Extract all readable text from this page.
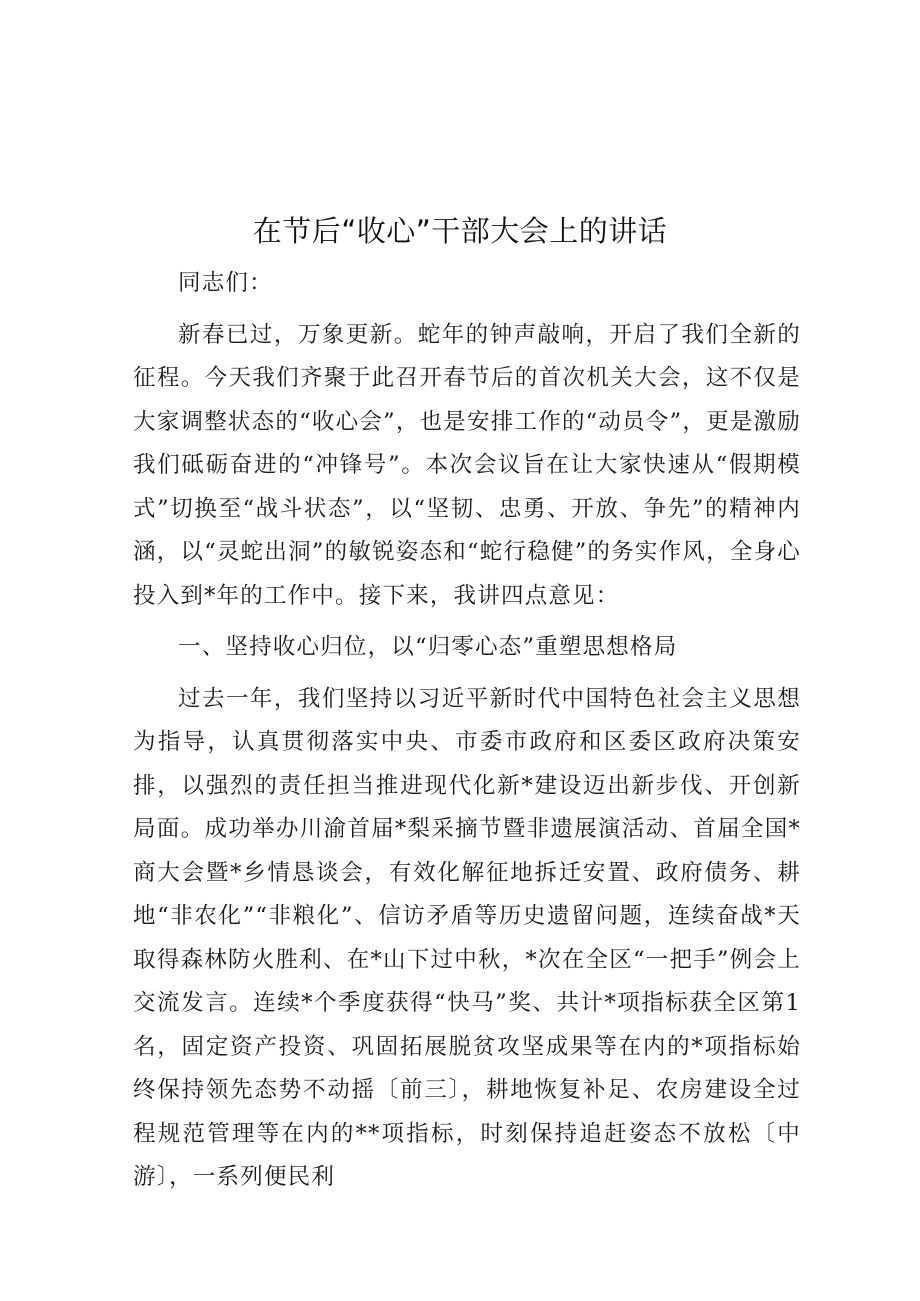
在节后“收心”干部大会上的讲话

同志们：

新春已过，万象更新。蛇年的钟声敲响，开启了我们全新的征程。今天我们齐聚于此召开春节后的首次机关大会，这不仅是大家调整状态的“收心会”，也是安排工作的“动员令”，更是激励我们砥砺奋进的“冲锋号”。本次会议旨在让大家快速从“假期模式”切换至“战斗状态”，以“坚韧、忠勇、开放、争先”的精神内涵，以“灵蛇出洞”的敏锐姿态和“蛇行稳健”的务实作风，全身心投入到*年的工作中。接下来，我讲四点意见：

一、坚持收心归位，以“归零心态”重塑思想格局

过去一年，我们坚持以习近平新时代中国特色社会主义思想为指导，认真贯彻落实中央、市委市政府和区委区政府决策安排，以强烈的责任担当推进现代化新*建设迈出新步伐、开创新局面。成功举办川渝首届*梨采摘节暨非遗展演活动、首届全国*商大会暨*乡情恳谈会，有效化解征地拆迁安置、政府债务、耕地“非农化”“非粮化”、信访矛盾等历史遗留问题，连续奋战*天取得森林防火胜利、在*山下过中秋，*次在全区“一把手”例会上交流发言。连续*个季度获得“快马”奖、共计*项指标获全区第1名，固定资产投资、巩固拓展脱贫攻坚成果等在内的*项指标始终保持领先态势不动摇〔前三〕，耕地恢复补足、农房建设全过程规范管理等在内的**项指标，时刻保持追赶姿态不放松〔中游〕，一系列便民利
